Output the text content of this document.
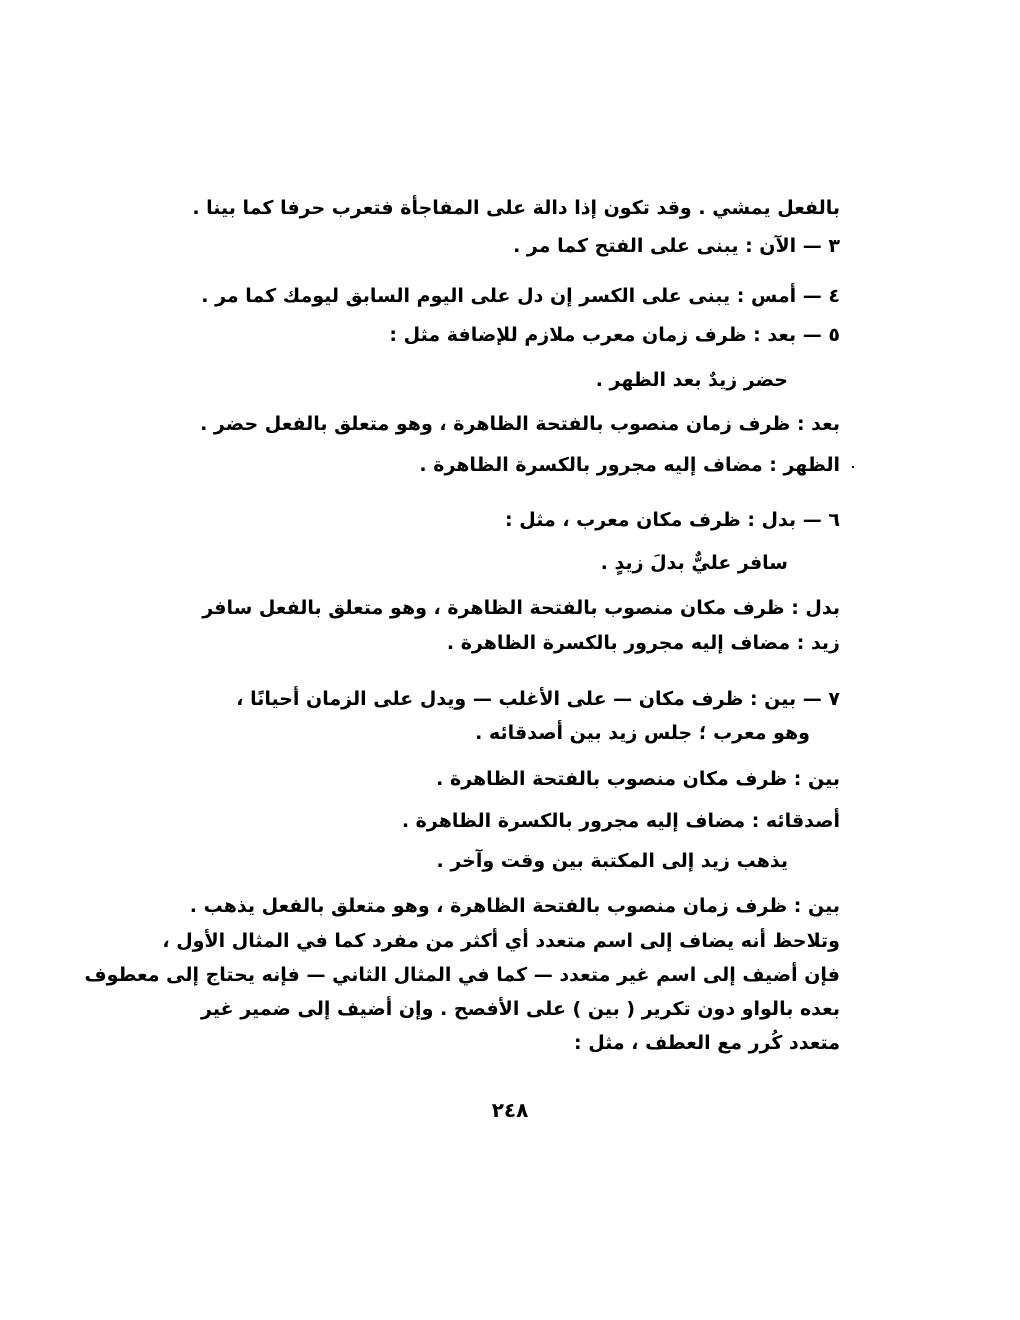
بالفعل يمشي . وقد تكون إذا دالة على المفاجأة فتعرب حرفا كما بينا .
٣ — الآن : يبنى على الفتح كما مر .
٤ — أمس : يبنى على الكسر إن دل على اليوم السابق ليومك كما مر .
٥ — بعد : ظرف زمان معرب ملازم للإضافة مثل :
حضر زيدٌ بعد الظهر .
بعد : ظرف زمان منصوب بالفتحة الظاهرة ، وهو متعلق بالفعل حضر .
الظهر : مضاف إليه مجرور بالكسرة الظاهرة .
٦ — بدل : ظرف مكان معرب ، مثل :
سافر عليٌّ بدلَ زيدٍ .
بدل : ظرف مكان منصوب بالفتحة الظاهرة ، وهو متعلق بالفعل سافر
زيد : مضاف إليه مجرور بالكسرة الظاهرة .
٧ — بين : ظرف مكان — على الأغلب — ويدل على الزمان أحيانًا ،
وهو معرب ؛ جلس زيد بين أصدقائه .
بين : ظرف مكان منصوب بالفتحة الظاهرة .
أصدقائه : مضاف إليه مجرور بالكسرة الظاهرة .
يذهب زيد إلى المكتبة بين وقت وآخر .
بين : ظرف زمان منصوب بالفتحة الظاهرة ، وهو متعلق بالفعل يذهب .
وتلاحظ أنه يضاف إلى اسم متعدد أي أكثر من مفرد كما في المثال الأول ،
فإن أضيف إلى اسم غير متعدد — كما في المثال الثاني — فإنه يحتاج إلى معطوف
بعده بالواو دون تكرير ( بين ) على الأفصح . وإن أضيف إلى ضمير غير
متعدد كُرر مع العطف ، مثل :
٢٤٨
